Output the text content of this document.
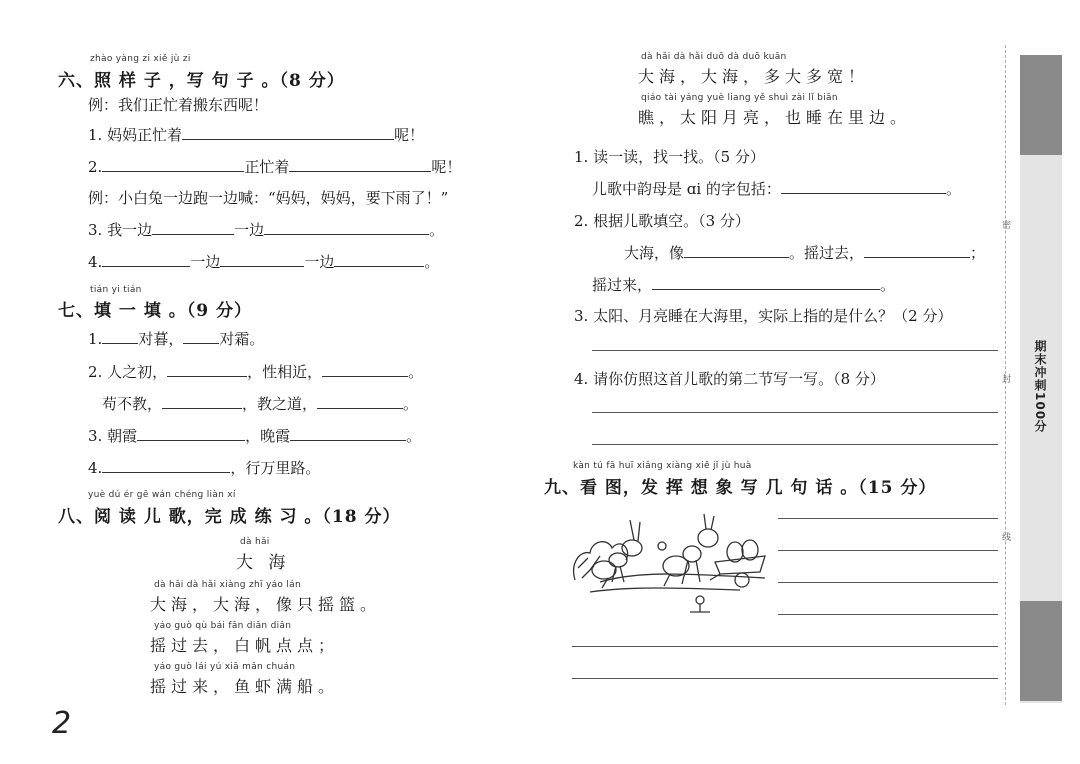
zhào yàng zi xiě jù zi
六、照 样 子 ，写 句 子 。（8 分）
例：我们正忙着搬东西呢！
1. 妈妈正忙着	呢！
2.	正忙着	呢！
例：小白兔一边跑一边喊：“妈妈，妈妈，要下雨了！”
3. 我一边	一边	。
4.	一边	一边	。
tián yi tián
七、填 一 填 。（9 分）
1. 对暮， 对霜。
2. 人之初，	，性相近，	。
苟不教，	，教之道，	。
3. 朝霞	，晚霞	。
4.	，行万里路。
yuè dú ér gē wán chéng liàn xí
八、阅 读 儿 歌，完 成 练 习 。（18 分）
dà hǎi
大 海
dà hǎi dà hǎi xiàng zhī yáo lán
大海，大海，像只摇篮。
yáo guò qù bái fān diǎn diǎn
摇过去，白帆点点；
yáo guò lái yú xiā mǎn chuán
摇过来，鱼虾满船。
2
dà hǎi dà hǎi duō dà duō kuān
大海，大海，多大多宽！
qiáo tài yáng yuè liang yě shuì zài lǐ biān
瞧，太阳月亮，也睡在里边。
1. 读一读，找一找。（5 分）
儿歌中韵母是 ɑi 的字包括：	。
2. 根据儿歌填空。（3 分）
大海，像	。摇过去，	；
摇过来，	。
3. 太阳、月亮睡在大海里，实际上指的是什么？（2 分）
4. 请你仿照这首儿歌的第二节写一写。（8 分）
kàn tú fā huī xiǎng xiàng xiě jǐ jù huà
九、看 图，发 挥 想 象 写 几 句 话 。（15 分）
密
封
线
期末冲刺100分
